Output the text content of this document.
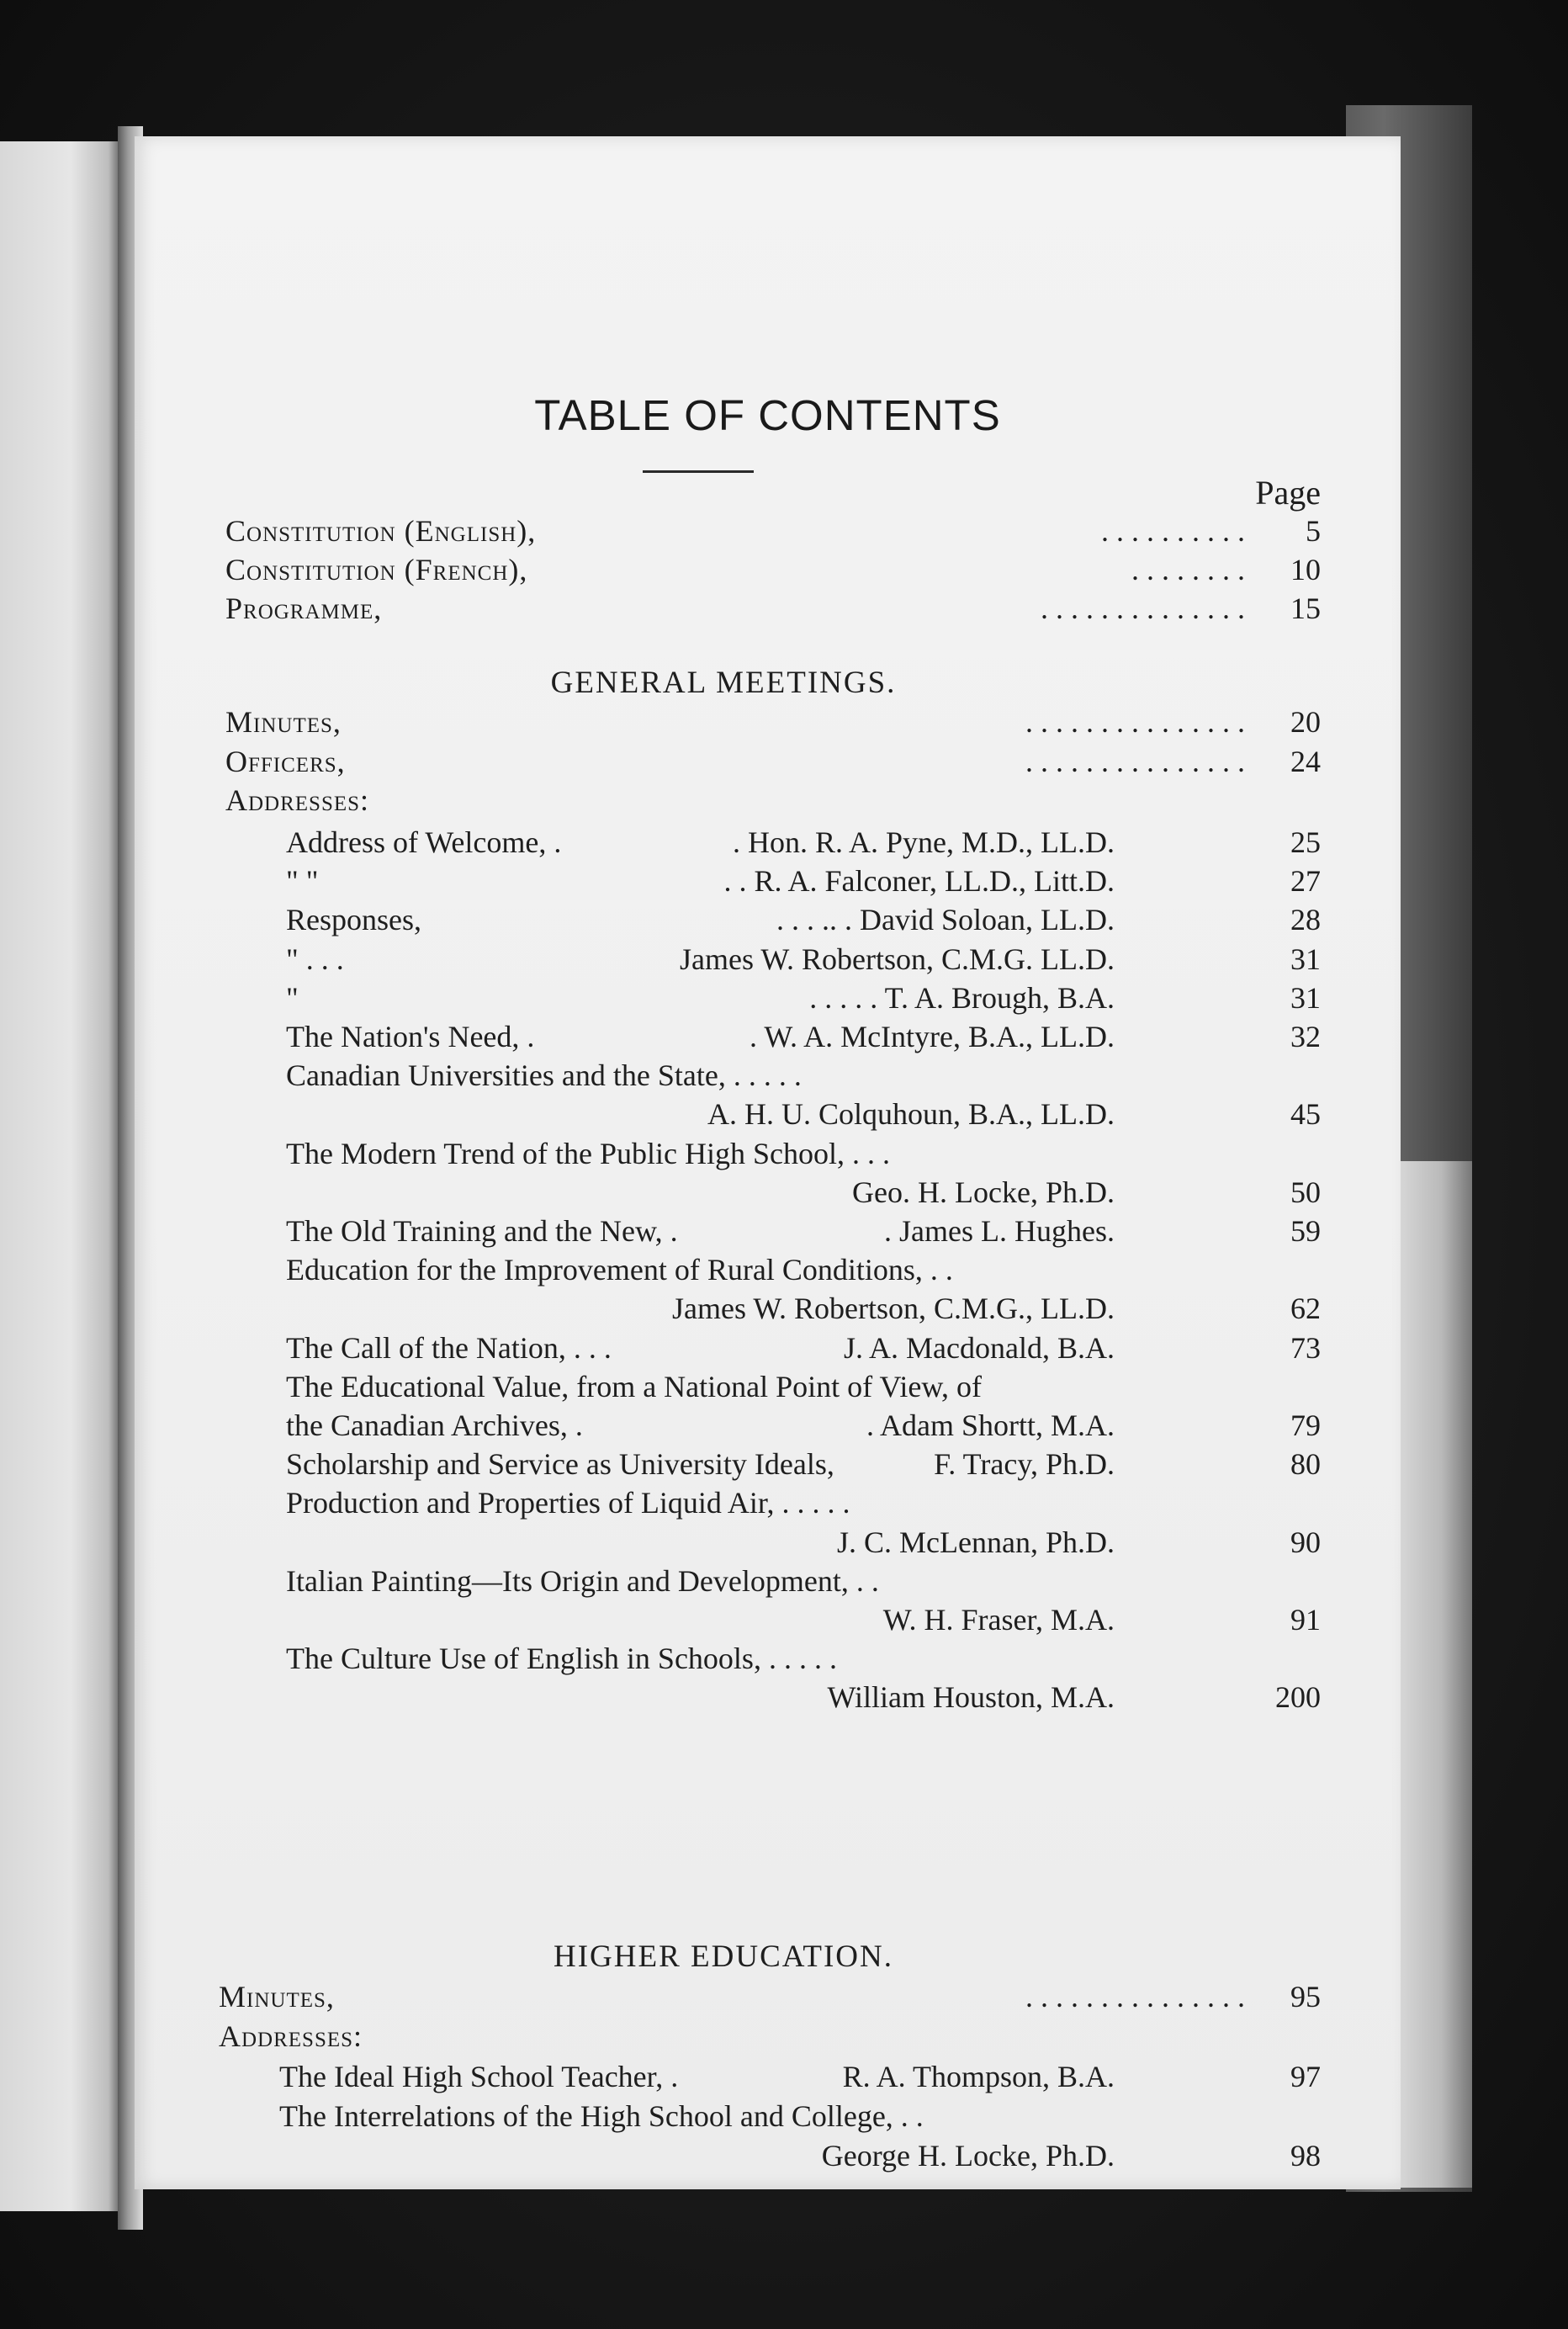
TABLE OF CONTENTS
Page
Constitution (English),	. . . . . . . . . .	5
Constitution (French),	. . . . . . . .	10
Programme,	. . . . . . . . . . . . . .	15
GENERAL MEETINGS.
Minutes,	. . . . . . . . . . . . . . .	20
Officers,	. . . . . . . . . . . . . . .	24
Addresses:
Address of Welcome, .	. Hon. R. A. Pyne, M.D., LL.D.	25
" "	. . R. A. Falconer, LL.D., Litt.D.	27
Responses,	. . . .. . David Soloan, LL.D.	28
" . . .	James W. Robertson, C.M.G. LL.D.	31
"	. . . . . T. A. Brough, B.A.	31
The Nation's Need, .	. W. A. McIntyre, B.A., LL.D.	32
Canadian Universities and the State, . . . . .
A. H. U. Colquhoun, B.A., LL.D.	45
The Modern Trend of the Public High School, . . .
Geo. H. Locke, Ph.D.	50
The Old Training and the New, .	. James L. Hughes.	59
Education for the Improvement of Rural Conditions, . .
James W. Robertson, C.M.G., LL.D.	62
The Call of the Nation, . . .	J. A. Macdonald, B.A.	73
The Educational Value, from a National Point of View, of
the Canadian Archives, .	. Adam Shortt, M.A.	79
Scholarship and Service as University Ideals,	F. Tracy, Ph.D.	80
Production and Properties of Liquid Air, . . . . .
J. C. McLennan, Ph.D.	90
Italian Painting—Its Origin and Development, . .
W. H. Fraser, M.A.	91
The Culture Use of English in Schools, . . . . .
William Houston, M.A.	200
HIGHER EDUCATION.
Minutes,	. . . . . . . . . . . . . . .	95
Addresses:
The Ideal High School Teacher, .	R. A. Thompson, B.A.	97
The Interrelations of the High School and College, . .
George H. Locke, Ph.D.	98
